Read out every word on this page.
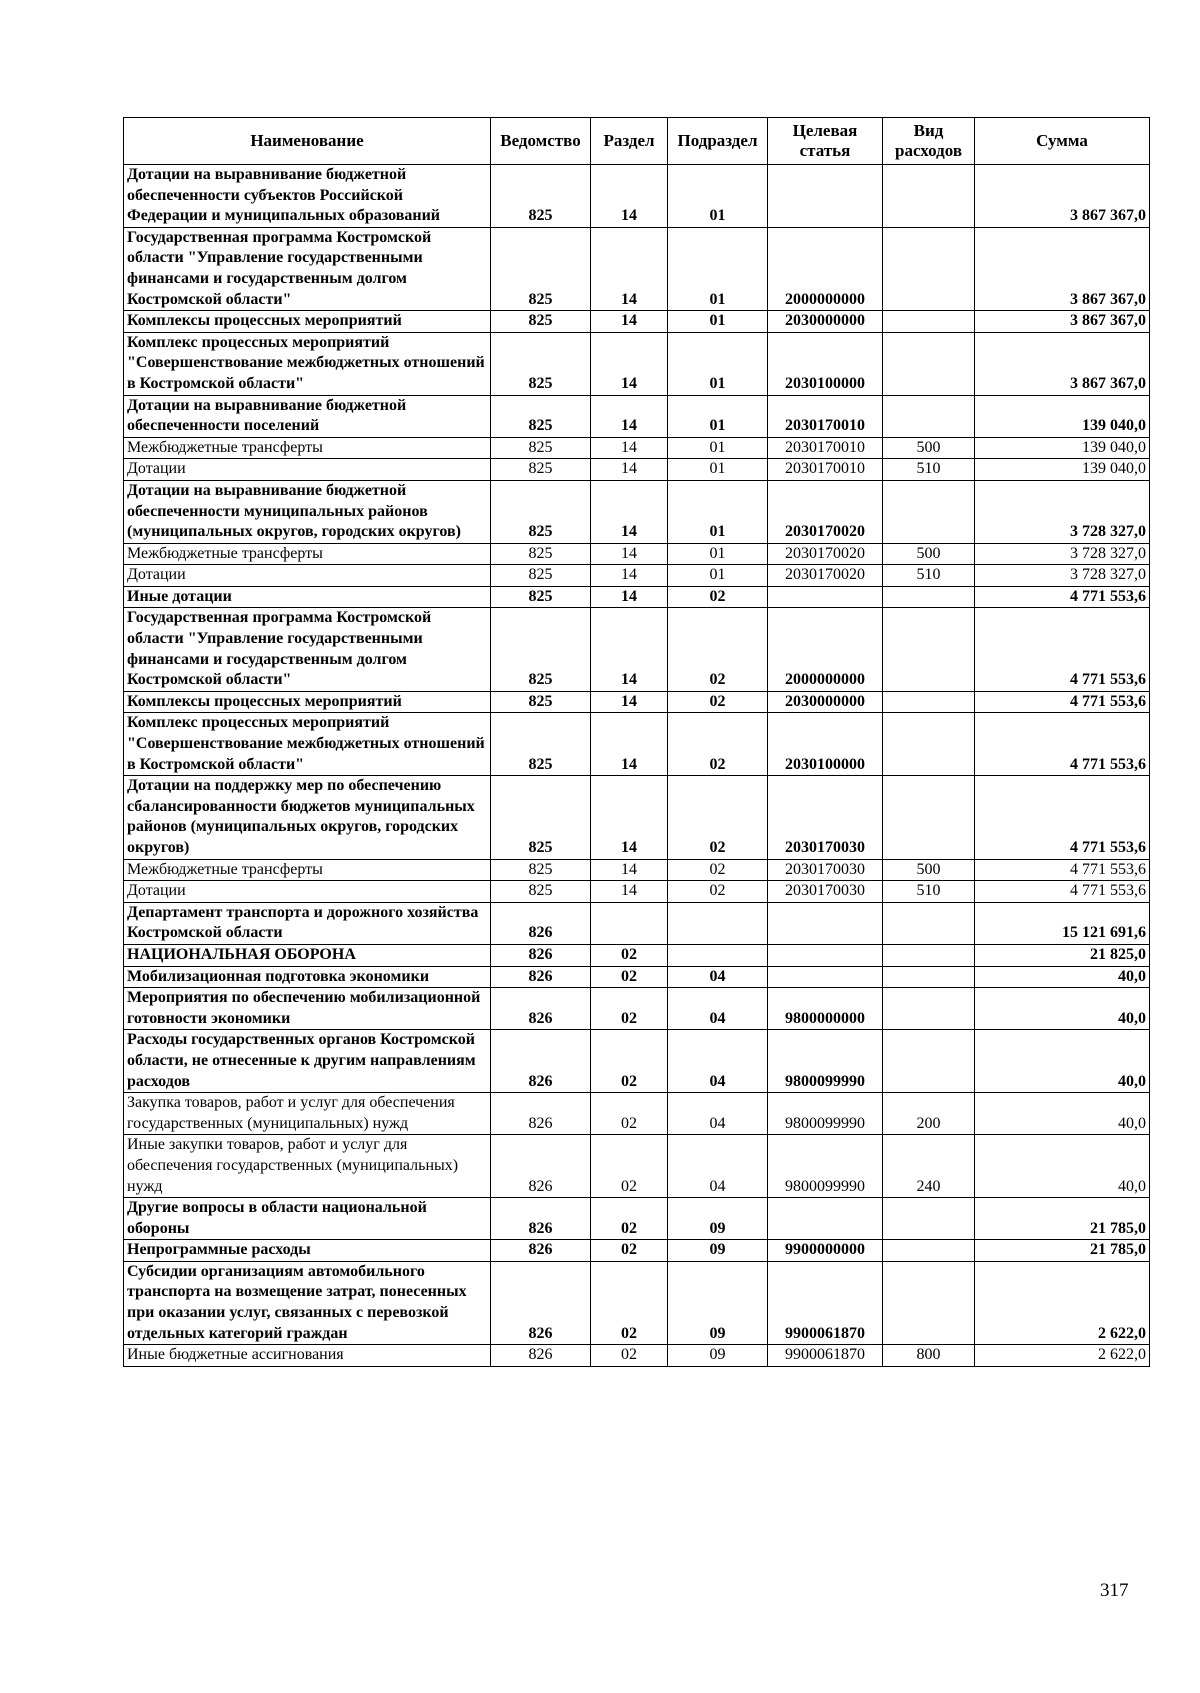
Наименование	Ведомство	Раздел	Подраздел	Целевая статья	Вид расходов	Сумма
Дотации на выравнивание бюджетной обеспеченности субъектов Российской Федерации и муниципальных образований	825	14	01			3 867 367,0
Государственная программа Костромской области "Управление государственными финансами и государственным долгом Костромской области"	825	14	01	2000000000		3 867 367,0
Комплексы процессных мероприятий	825	14	01	2030000000		3 867 367,0
Комплекс процессных мероприятий "Совершенствование межбюджетных отношений в Костромской области"	825	14	01	2030100000		3 867 367,0
Дотации на выравнивание бюджетной обеспеченности поселений	825	14	01	2030170010		139 040,0
Межбюджетные трансферты	825	14	01	2030170010	500	139 040,0
Дотации	825	14	01	2030170010	510	139 040,0
Дотации на выравнивание бюджетной обеспеченности муниципальных районов (муниципальных округов, городских округов)	825	14	01	2030170020		3 728 327,0
Межбюджетные трансферты	825	14	01	2030170020	500	3 728 327,0
Дотации	825	14	01	2030170020	510	3 728 327,0
Иные дотации	825	14	02			4 771 553,6
Государственная программа Костромской области "Управление государственными финансами и государственным долгом Костромской области"	825	14	02	2000000000		4 771 553,6
Комплексы процессных мероприятий	825	14	02	2030000000		4 771 553,6
Комплекс процессных мероприятий "Совершенствование межбюджетных отношений в Костромской области"	825	14	02	2030100000		4 771 553,6
Дотации на поддержку мер по обеспечению сбалансированности бюджетов муниципальных районов (муниципальных округов, городских округов)	825	14	02	2030170030		4 771 553,6
Межбюджетные трансферты	825	14	02	2030170030	500	4 771 553,6
Дотации	825	14	02	2030170030	510	4 771 553,6
Департамент транспорта и дорожного хозяйства Костромской области	826					15 121 691,6
НАЦИОНАЛЬНАЯ ОБОРОНА	826	02				21 825,0
Мобилизационная подготовка экономики	826	02	04			40,0
Мероприятия по обеспечению мобилизационной готовности экономики	826	02	04	9800000000		40,0
Расходы государственных органов Костромской области, не отнесенные к другим направлениям расходов	826	02	04	9800099990		40,0
Закупка товаров, работ и услуг для обеспечения государственных (муниципальных) нужд	826	02	04	9800099990	200	40,0
Иные закупки товаров, работ и услуг для обеспечения государственных (муниципальных) нужд	826	02	04	9800099990	240	40,0
Другие вопросы в области национальной обороны	826	02	09			21 785,0
Непрограммные расходы	826	02	09	9900000000		21 785,0
Субсидии организациям автомобильного транспорта на возмещение затрат, понесенных при оказании услуг, связанных с перевозкой отдельных категорий граждан	826	02	09	9900061870		2 622,0
Иные бюджетные ассигнования	826	02	09	9900061870	800	2 622,0
317
